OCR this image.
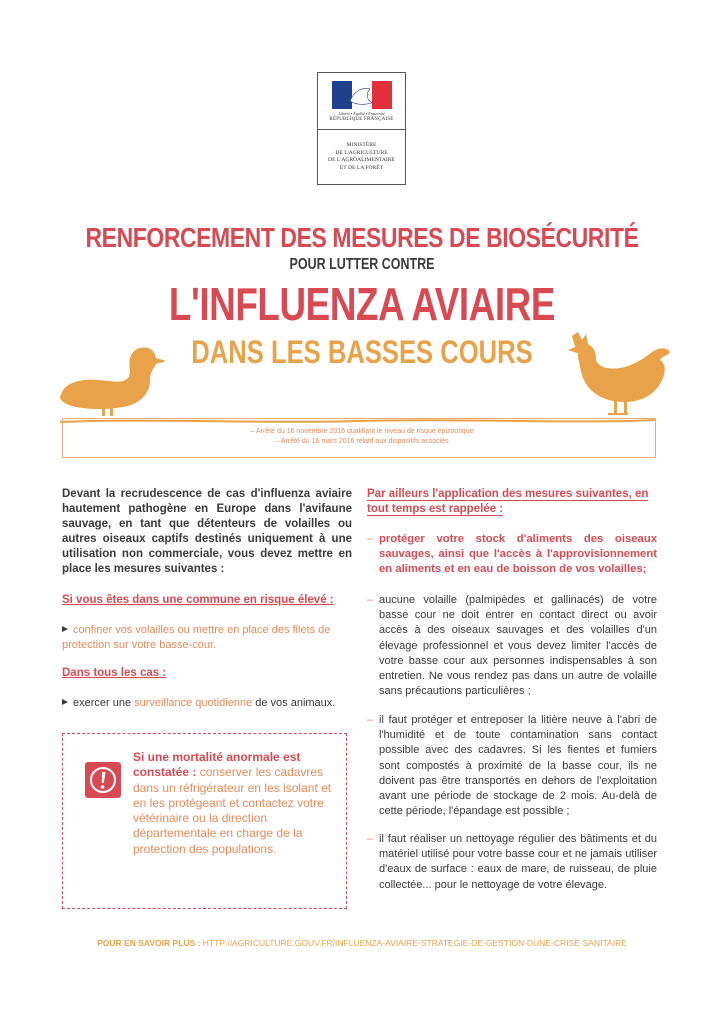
Liberté • Égalité • Fraternité
RÉPUBLIQUE FRANÇAISE
MINISTÈRE
DE L'AGRICULTURE
DE L'AGROALIMENTAIRE
ET DE LA FORÊT
RENFORCEMENT DES MESURES DE BIOSÉCURITÉ
POUR LUTTER CONTRE
L'INFLUENZA AVIAIRE
DANS LES BASSES COURS
– Arrêté du 16 novembre 2016 qualifiant le niveau de risque épizootique
– Arrêté du 16 mars 2016 relatif aux dispositifs associés
Devant la recrudescence de cas d'influenza aviaire hautement pathogène en Europe dans l'avifaune sauvage, en tant que détenteurs de volailles ou autres oiseaux captifs destinés uniquement à une utilisation non commerciale, vous devez mettre en place les mesures suivantes :
Si vous êtes dans une commune en risque élevé :
confiner vos volailles ou mettre en place des filets de protection sur votre basse-cour.
Dans tous les cas :
exercer une surveillance quotidienne de vos animaux.
Si une mortalité anormale est constatée : conserver les cadavres dans un réfrigérateur en les isolant et en les protégeant et contactez votre vétérinaire ou la direction départementale en charge de la protection des populations.
Par ailleurs l'application des mesures suivantes, en tout temps est rappelée :
– protéger votre stock d'aliments des oiseaux sauvages, ainsi que l'accès à l'approvisionnement en aliments et en eau de boisson de vos volailles;
– aucune volaille (palmipèdes et gallinacés) de votre basse cour ne doit entrer en contact direct ou avoir accès à des oiseaux sauvages et des volailles d'un élevage professionnel et vous devez limiter l'accès de votre basse cour aux personnes indispensables à son entretien. Ne vous rendez pas dans un autre de volaille sans précautions particulières ;
– il faut protéger et entreposer la litière neuve à l'abri de l'humidité et de toute contamination sans contact possible avec des cadavres. Si les fientes et fumiers sont compostés à proximité de la basse cour, ils ne doivent pas être transportés en dehors de l'exploitation avant une période de stockage de 2 mois. Au-delà de cette période, l'épandage est possible ;
– il faut réaliser un nettoyage régulier des bâtiments et du matériel utilisé pour votre basse cour et ne jamais utiliser d'eaux de surface : eaux de mare, de ruisseau, de pluie collectée... pour le nettoyage de votre élevage.
POUR EN SAVOIR PLUS : HTTP://AGRICULTURE.GOUV.FR/INFLUENZA-AVIAIRE-STRATEGIE-DE-GESTION-DUNE-CRISE-SANITAIRE
